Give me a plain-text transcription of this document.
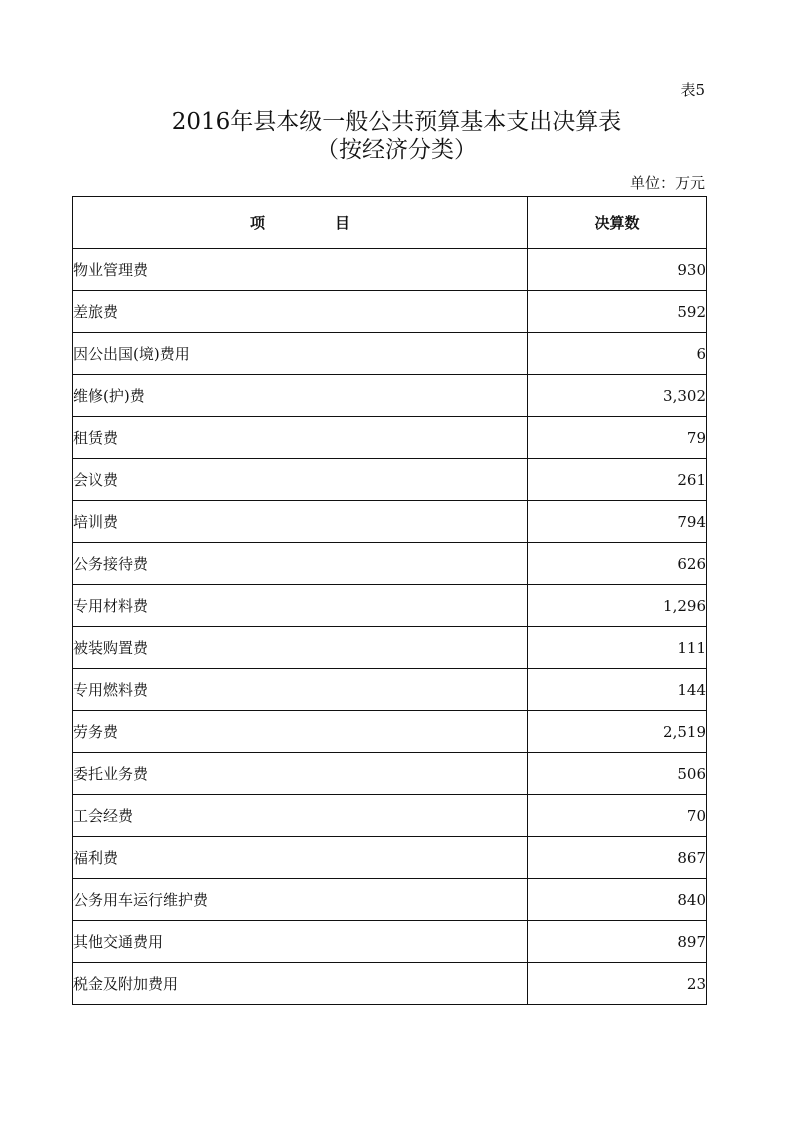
表5
2016年县本级一般公共预算基本支出决算表
（按经济分类）
单位：万元
项 目	决算数
物业管理费	930
差旅费	592
因公出国(境)费用	6
维修(护)费	3,302
租赁费	79
会议费	261
培训费	794
公务接待费	626
专用材料费	1,296
被装购置费	111
专用燃料费	144
劳务费	2,519
委托业务费	506
工会经费	70
福利费	867
公务用车运行维护费	840
其他交通费用	897
税金及附加费用	23
